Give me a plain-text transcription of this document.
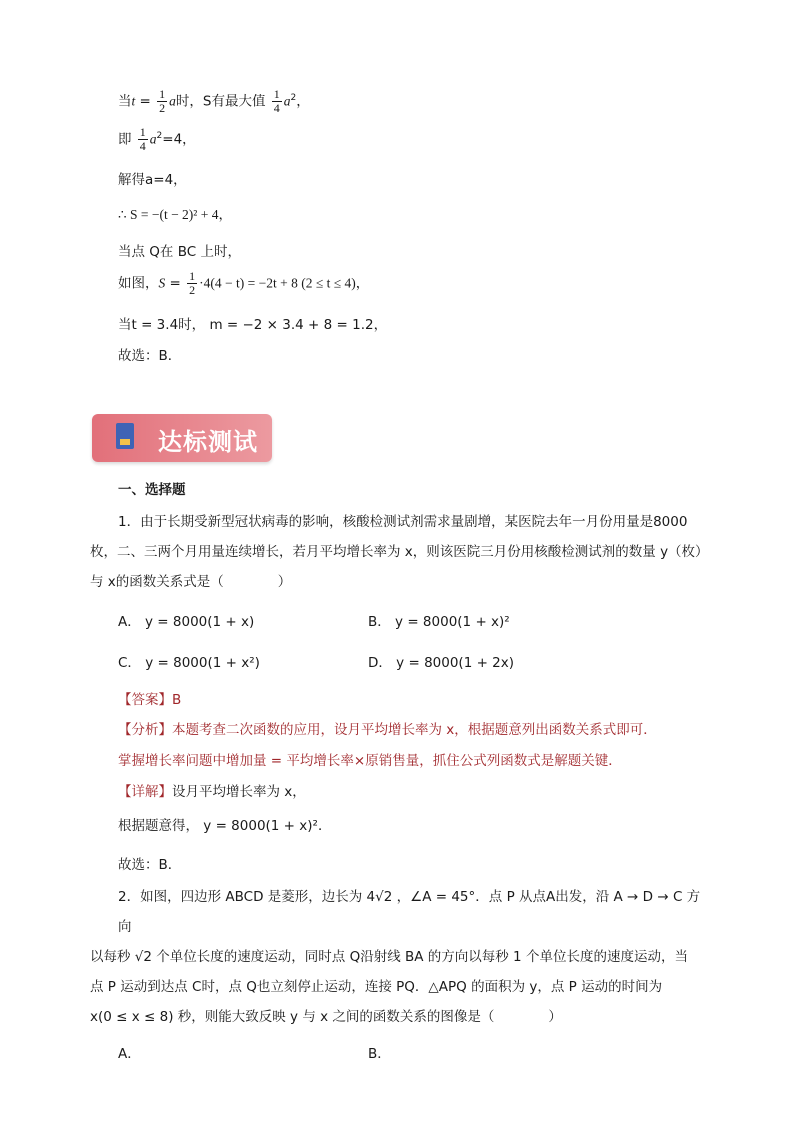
当$t = \frac{1}{2}$ a时，S有最大值 $\frac{1}{4} a^2$，
即 $\frac{1}{4} a^2=4$，
解得a=4，
∴ S = −(t − 2)² + 4，
当点 Q在 BC 上时，
如图，$S = \frac{1}{2} \cdot 4(4 - t) = -2t + 8$ (2 ≤ t ≤ 4)，
当t = 3.4时， m = −2 × 3.4 + 8 = 1.2，
故选：B．
达标测试
一、选择题
1．由于长期受新型冠状病毒的影响，核酸检测试剂需求量剧增，某医院去年一月份用量是8000
枚，二、三两个月用量连续增长，若月平均增长率为 x，则该医院三月份用核酸检测试剂的数量 y（枚）
与 x的函数关系式是（　　　　）
A． y = 8000(1 + x)	B． y = 8000(1 + x)²
C． y = 8000(1 + x²)	D． y = 8000(1 + 2x)
【答案】B
【分析】本题考查二次函数的应用，设月平均增长率为 x，根据题意列出函数关系式即可．
掌握增长率问题中增加量 = 平均增长率×原销售量，抓住公式列函数式是解题关键．
【详解】设月平均增长率为 x，
根据题意得， y = 8000(1 + x)²．
故选：B．
2．如图，四边形 ABCD 是菱形，边长为 4√2 ，∠A = 45°．点 P 从点A出发，沿 A → D → C 方向
以每秒 √2 个单位长度的速度运动，同时点 Q沿射线 BA 的方向以每秒 1 个单位长度的速度运动，当
点 P 运动到达点 C时，点 Q也立刻停止运动，连接 PQ．△APQ 的面积为 y，点 P 运动的时间为
x(0 ≤ x ≤ 8) 秒，则能大致反映 y 与 x 之间的函数关系的图像是（　　　　）
A．	B．
